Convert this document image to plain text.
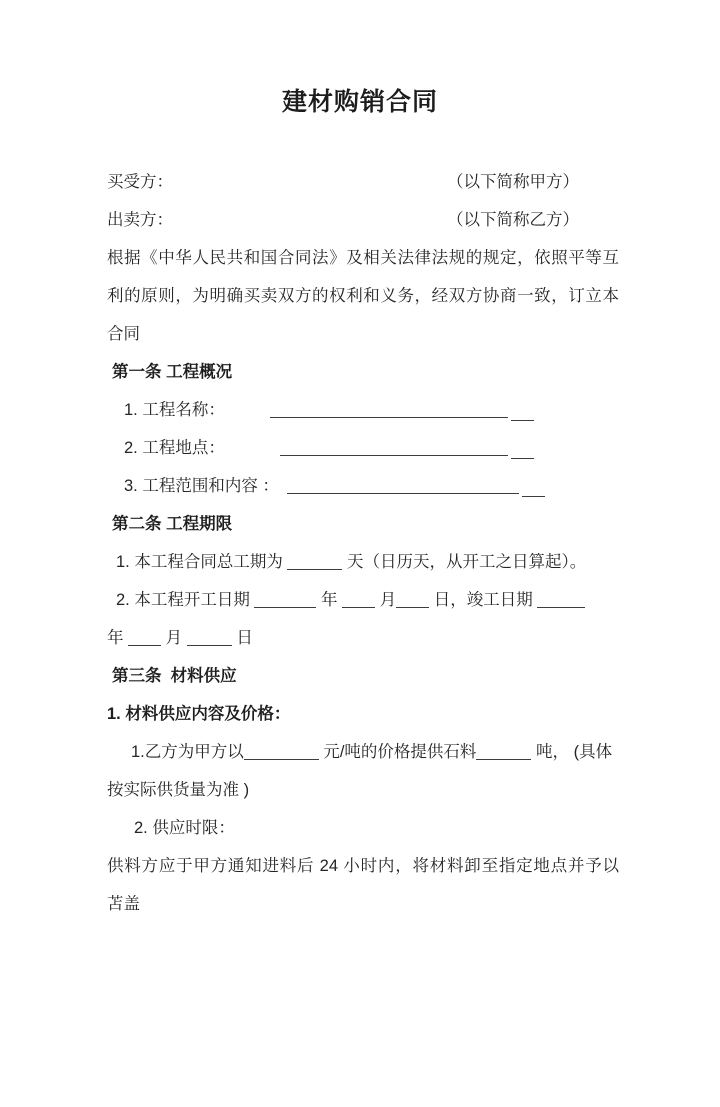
建材购销合同
买受方：	（以下简称甲方）
出卖方：	（以下简称乙方）
根据《中华人民共和国合同法》及相关法律法规的规定，依照平等互
利的原则，为明确买卖双方的权利和义务，经双方协商一致，订立本
合同
第一条 工程概况
1. 工程名称：
2. 工程地点：
3. 工程范围和内容 ：
第二条 工程期限
1. 本工程合同总工期为	天（日历天，从开工之日算起）。
2. 本工程开工日期	年  月 日，竣工日期
年  月	日
第三条  材料供应
1. 材料供应内容及价格：
1.乙方为甲方以	元/吨的价格提供石料	吨， (具体
按实际供货量为准 )
2. 供应时限：
供料方应于甲方通知进料后 24 小时内，将材料卸至指定地点并予以
苫盖
